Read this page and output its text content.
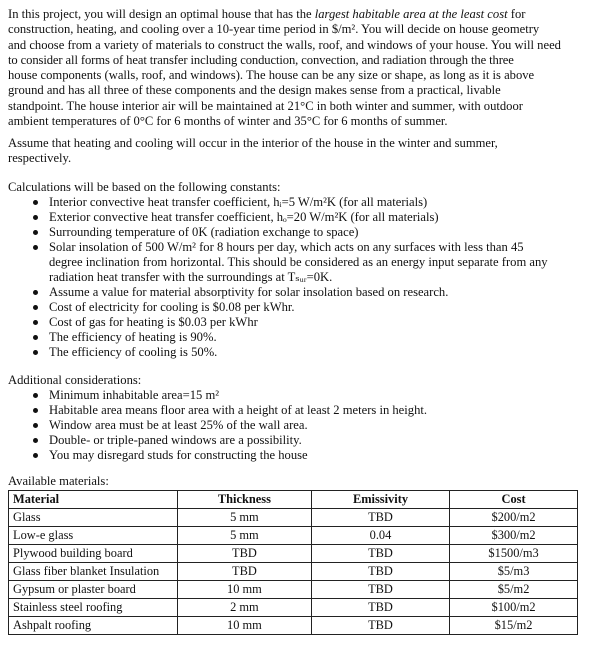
In this project, you will design an optimal house that has the largest habitable area at the least cost for
construction, heating, and cooling over a 10-year time period in $/m². You will decide on house geometry
and choose from a variety of materials to construct the walls, roof, and windows of your house. You will need
to consider all forms of heat transfer including conduction, convection, and radiation through the three
house components (walls, roof, and windows). The house can be any size or shape, as long as it is above
ground and has all three of these components and the design makes sense from a practical, livable
standpoint. The house interior air will be maintained at 21°C in both winter and summer, with outdoor
ambient temperatures of 0°C for 6 months of winter and 35°C for 6 months of summer.
Assume that heating and cooling will occur in the interior of the house in the winter and summer,
respectively.
Calculations will be based on the following constants:
Interior convective heat transfer coefficient, hᵢ=5 W/m²K (for all materials)
Exterior convective heat transfer coefficient, hₒ=20 W/m²K (for all materials)
Surrounding temperature of 0K (radiation exchange to space)
Solar insolation of 500 W/m² for 8 hours per day, which acts on any surfaces with less than 45
degree inclination from horizontal. This should be considered as an energy input separate from any
radiation heat transfer with the surroundings at Tₛᵤᵣ=0K.
Assume a value for material absorptivity for solar insolation based on research.
Cost of electricity for cooling is $0.08 per kWhr.
Cost of gas for heating is $0.03 per kWhr
The efficiency of heating is 90%.
The efficiency of cooling is 50%.
Additional considerations:
Minimum inhabitable area=15 m²
Habitable area means floor area with a height of at least 2 meters in height.
Window area must be at least 25% of the wall area.
Double- or triple-paned windows are a possibility.
You may disregard studs for constructing the house
Available materials:
Material	Thickness	Emissivity	Cost
Glass	5 mm	TBD	$200/m2
Low-e glass	5 mm	0.04	$300/m2
Plywood building board	TBD	TBD	$1500/m3
Glass fiber blanket Insulation	TBD	TBD	$5/m3
Gypsum or plaster board	10 mm	TBD	$5/m2
Stainless steel roofing	2 mm	TBD	$100/m2
Ashpalt roofing	10 mm	TBD	$15/m2
